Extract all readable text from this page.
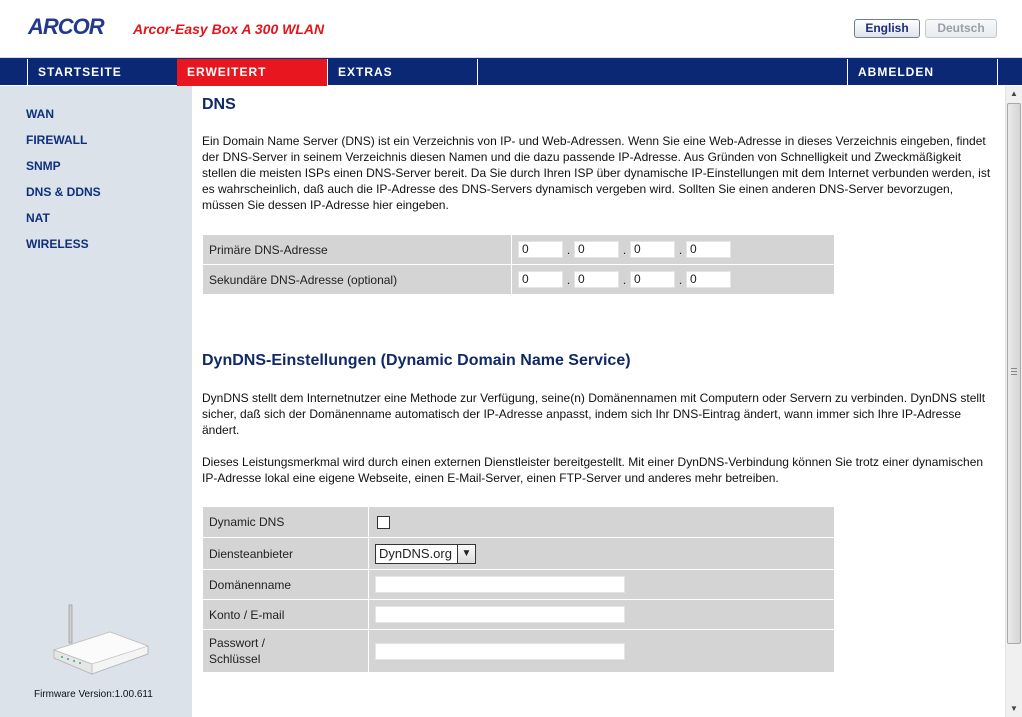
ARCOR Arcor-Easy Box A 300 WLAN	English	Deutsch
STARTSEITE	ERWEITERT	EXTRAS	ABMELDEN
WAN
FIREWALL
SNMP
DNS & DDNS
NAT
WIRELESS
Firmware Version:1.00.611
DNS

Ein Domain Name Server (DNS) ist ein Verzeichnis von IP- und Web-Adressen. Wenn Sie eine Web-Adresse in dieses Verzeichnis eingeben, findet der DNS-Server in seinem Verzeichnis diesen Namen und die dazu passende IP-Adresse. Aus Gründen von Schnelligkeit und Zweckmäßigkeit stellen die meisten ISPs einen DNS-Server bereit. Da Sie durch Ihren ISP über dynamische IP-Einstellungen mit dem Internet verbunden werden, ist es wahrscheinlich, daß auch die IP-Adresse des DNS-Servers dynamisch vergeben wird. Sollten Sie einen anderen DNS-Server bevorzugen, müssen Sie dessen IP-Adresse hier eingeben.

Primäre DNS-Adresse	0 . 0 . 0 . 0
Sekundäre DNS-Adresse (optional)	0 . 0 . 0 . 0
DynDNS-Einstellungen (Dynamic Domain Name Service)

DynDNS stellt dem Internetnutzer eine Methode zur Verfügung, seine(n) Domänennamen mit Computern oder Servern zu verbinden. DynDNS stellt sicher, daß sich der Domänenname automatisch der IP-Adresse anpasst, indem sich Ihr DNS-Eintrag ändert, wann immer sich Ihre IP-Adresse ändert.

Dieses Leistungsmerkmal wird durch einen externen Dienstleister bereitgestellt. Mit einer DynDNS-Verbindung können Sie trotz einer dynamischen IP-Adresse lokal eine eigene Webseite, einen E-Mail-Server, einen FTP-Server und anderes mehr betreiben.

Dynamic DNS	
Diensteanbieter	DynDNS.org ▼

Domänenname	
Konto / E-mail	
Passwort /
Schlüssel	
▲
▼
